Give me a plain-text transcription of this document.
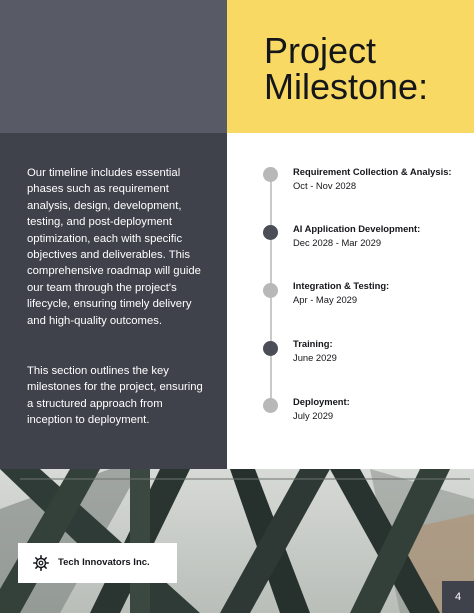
Project
Milestone:

Our timeline includes essential phases such as requirement analysis, design, development, testing, and post-deployment optimization, each with specific objectives and deliverables. This comprehensive roadmap will guide our team through the project's lifecycle, ensuring timely delivery and high-quality outcomes.

This section outlines the key milestones for the project, ensuring a structured approach from inception to deployment.

Requirement Collection & Analysis: Oct - Nov 2028
AI Application Development:
Dec 2028 - Mar 2029
Integration & Testing:
Apr - May 2029
Training:
June 2029
Deployment:
July 2029
Tech Innovators Inc.
4
